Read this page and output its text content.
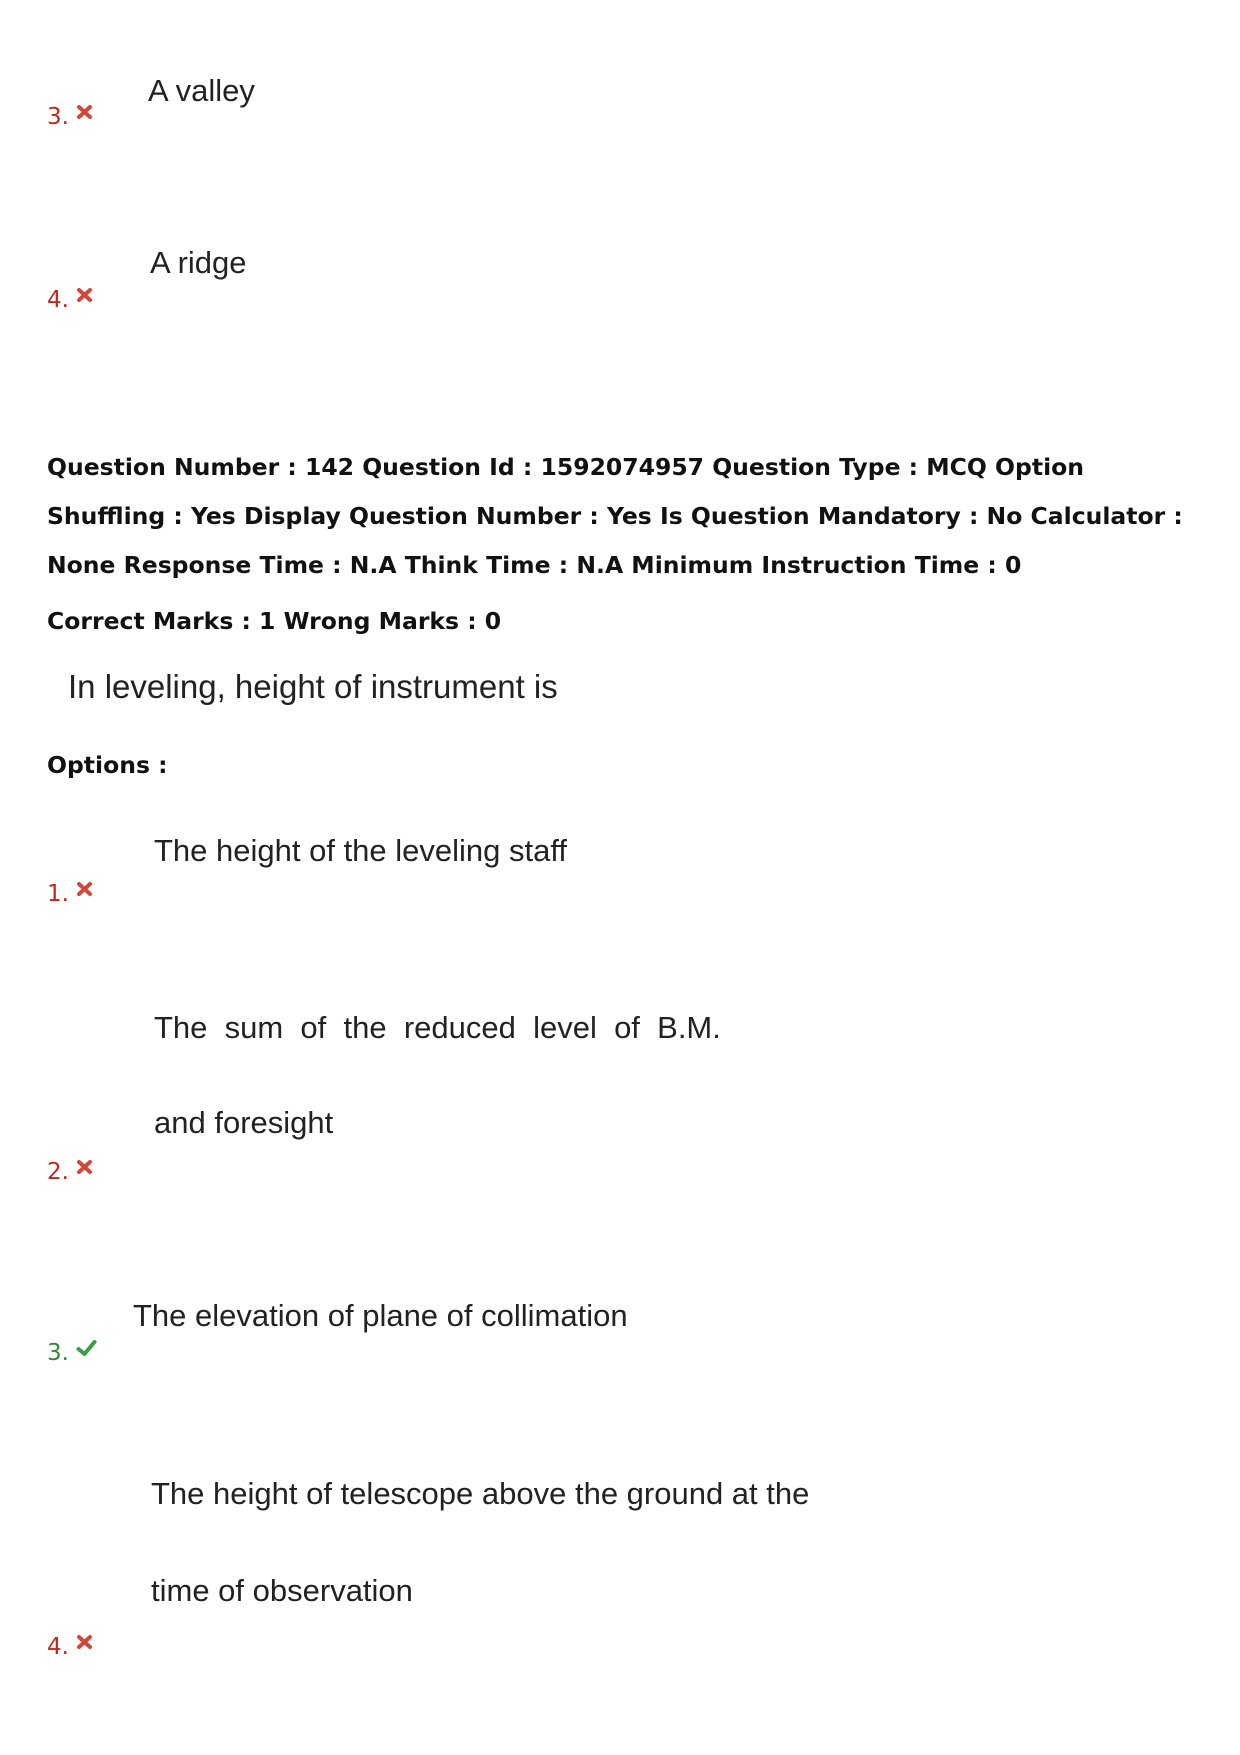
A valley
3.
A ridge
4.
Question Number : 142 Question Id : 1592074957 Question Type : MCQ Option Shuffling : Yes Display Question Number : Yes Is Question Mandatory : No Calculator : None Response Time : N.A Think Time : N.A Minimum Instruction Time : 0
Correct Marks : 1 Wrong Marks : 0
In leveling, height of instrument is
Options :
The height of the leveling staff
1.
The  sum  of  the  reduced  level  of  B.M.
and foresight
2.
The elevation of plane of collimation
3.
The height of telescope above the ground at the
time of observation
4.
